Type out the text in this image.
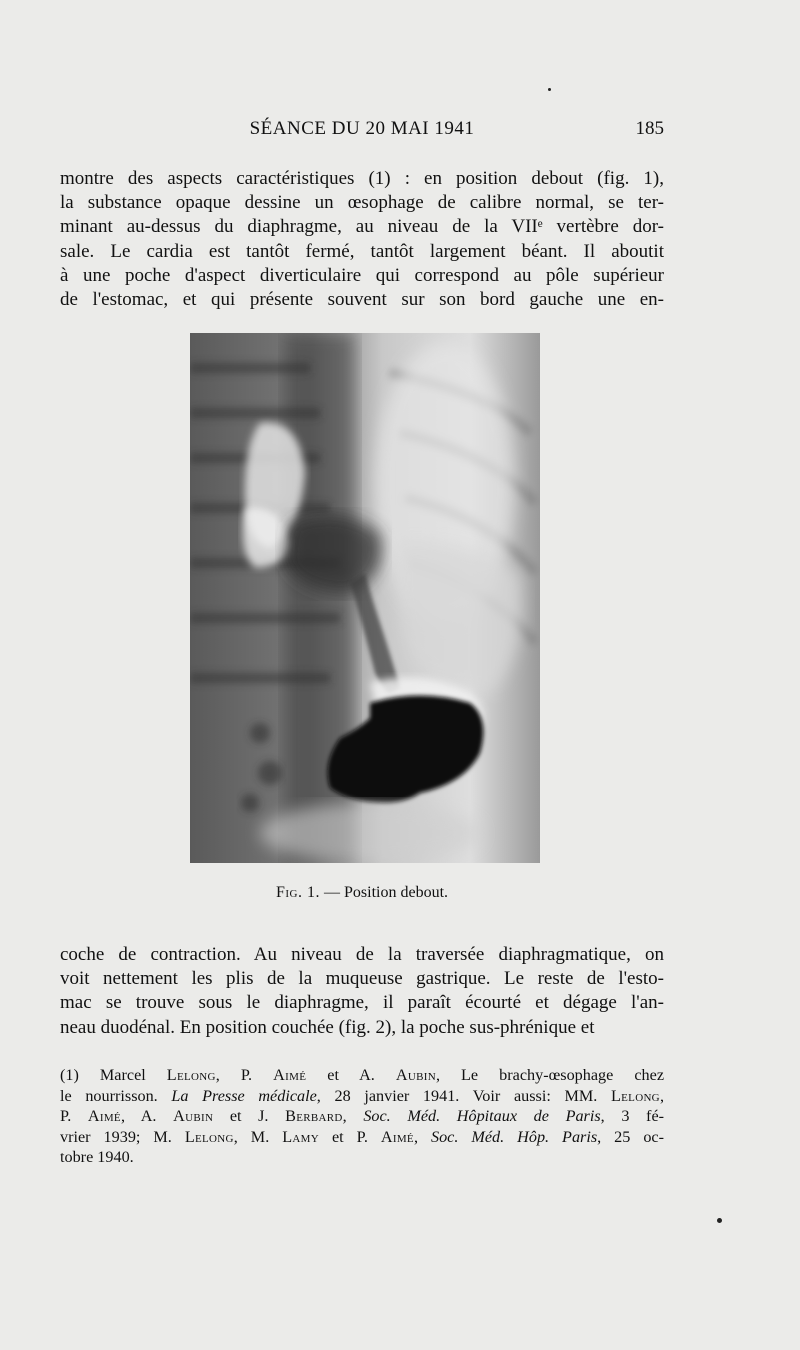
SÉANCE DU 20 MAI 1941	185
montre des aspects caractéristiques (1) : en position debout (fig. 1),
la substance opaque dessine un œsophage de calibre normal, se ter-
minant au-dessus du diaphragme, au niveau de la VIIᵉ vertèbre dor-
sale. Le cardia est tantôt fermé, tantôt largement béant. Il aboutit
à une poche d'aspect diverticulaire qui correspond au pôle supérieur
de l'estomac, et qui présente souvent sur son bord gauche une en-
Fig. 1. — Position debout.
coche de contraction. Au niveau de la traversée diaphragmatique, on
voit nettement les plis de la muqueuse gastrique. Le reste de l'esto-
mac se trouve sous le diaphragme, il paraît écourté et dégage l'an-
neau duodénal. En position couchée (fig. 2), la poche sus-phrénique et
(1) Marcel Lelong, P. Aimé et A. Aubin, Le brachy-œsophage chez
le nourrisson. La Presse médicale, 28 janvier 1941. Voir aussi: MM. Lelong,
P. Aimé, A. Aubin et J. Berbard, Soc. Méd. Hôpitaux de Paris, 3 fé-
vrier 1939; M. Lelong, M. Lamy et P. Aimé, Soc. Méd. Hôp. Paris, 25 oc-
tobre 1940.
